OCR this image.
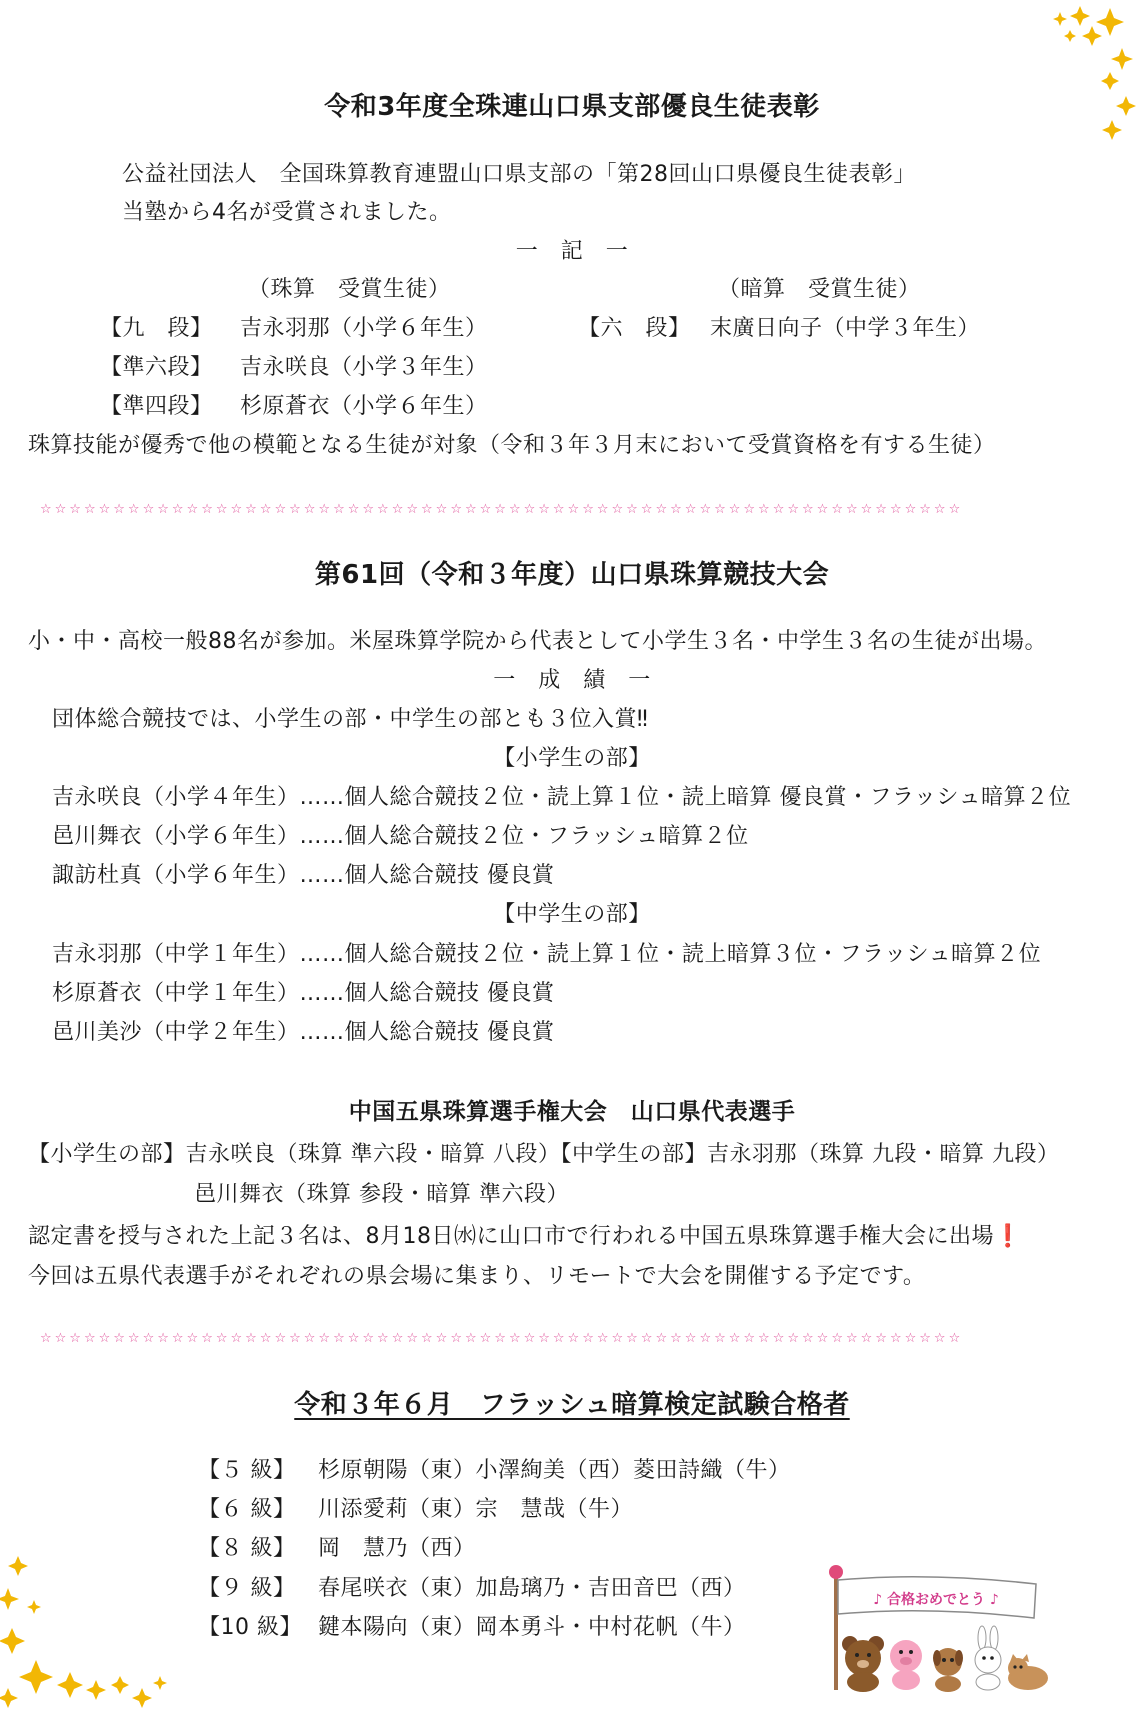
令和3年度全珠連山口県支部優良生徒表彰
公益社団法人　全国珠算教育連盟山口県支部の「第28回山口県優良生徒表彰」
当塾から4名が受賞されました。
一　記　一
（珠算　受賞生徒）	（暗算　受賞生徒）
【九　段】 吉永羽那（小学６年生）
【準六段】 吉永咲良（小学３年生）
【準四段】 杉原蒼衣（小学６年生）
【六　段】 末廣日向子（中学３年生）
珠算技能が優秀で他の模範となる生徒が対象（令和３年３月末において受賞資格を有する生徒）
☆☆☆☆☆☆☆☆☆☆☆☆☆☆☆☆☆☆☆☆☆☆☆☆☆☆☆☆☆☆☆☆☆☆☆☆☆☆☆☆☆☆☆☆☆☆☆☆☆☆☆☆☆☆☆☆☆☆☆☆☆☆☆
第61回（令和３年度）山口県珠算競技大会
小・中・高校一般88名が参加。米屋珠算学院から代表として小学生３名・中学生３名の生徒が出場。
一　成　績　一
団体総合競技では、小学生の部・中学生の部とも３位入賞‼
【小学生の部】
吉永咲良（小学４年生）……個人総合競技２位・読上算１位・読上暗算 優良賞・フラッシュ暗算２位
邑川舞衣（小学６年生）……個人総合競技２位・フラッシュ暗算２位
諏訪杜真（小学６年生）……個人総合競技 優良賞
【中学生の部】
吉永羽那（中学１年生）……個人総合競技２位・読上算１位・読上暗算３位・フラッシュ暗算２位
杉原蒼衣（中学１年生）……個人総合競技 優良賞
邑川美沙（中学２年生）……個人総合競技 優良賞
中国五県珠算選手権大会　山口県代表選手
【小学生の部】吉永咲良（珠算 準六段・暗算 八段）【中学生の部】吉永羽那（珠算 九段・暗算 九段）
邑川舞衣（珠算 参段・暗算 準六段）
認定書を授与された上記３名は、8月18日㈬に山口市で行われる中国五県珠算選手権大会に出場❗
今回は五県代表選手がそれぞれの県会場に集まり、リモートで大会を開催する予定です。
☆☆☆☆☆☆☆☆☆☆☆☆☆☆☆☆☆☆☆☆☆☆☆☆☆☆☆☆☆☆☆☆☆☆☆☆☆☆☆☆☆☆☆☆☆☆☆☆☆☆☆☆☆☆☆☆☆☆☆☆☆☆☆
令和３年６月　フラッシュ暗算検定試験合格者
【５ 級】 杉原朝陽（東）小澤絢美（西）菱田詩織（牛）
【６ 級】 川添愛莉（東）宗　慧哉（牛）
【８ 級】 岡　慧乃（西）
【９ 級】 春尾咲衣（東）加島璃乃・吉田音巴（西）
【10 級】 鍵本陽向（東）岡本勇斗・中村花帆（牛）
♪ 合格おめでとう ♪
